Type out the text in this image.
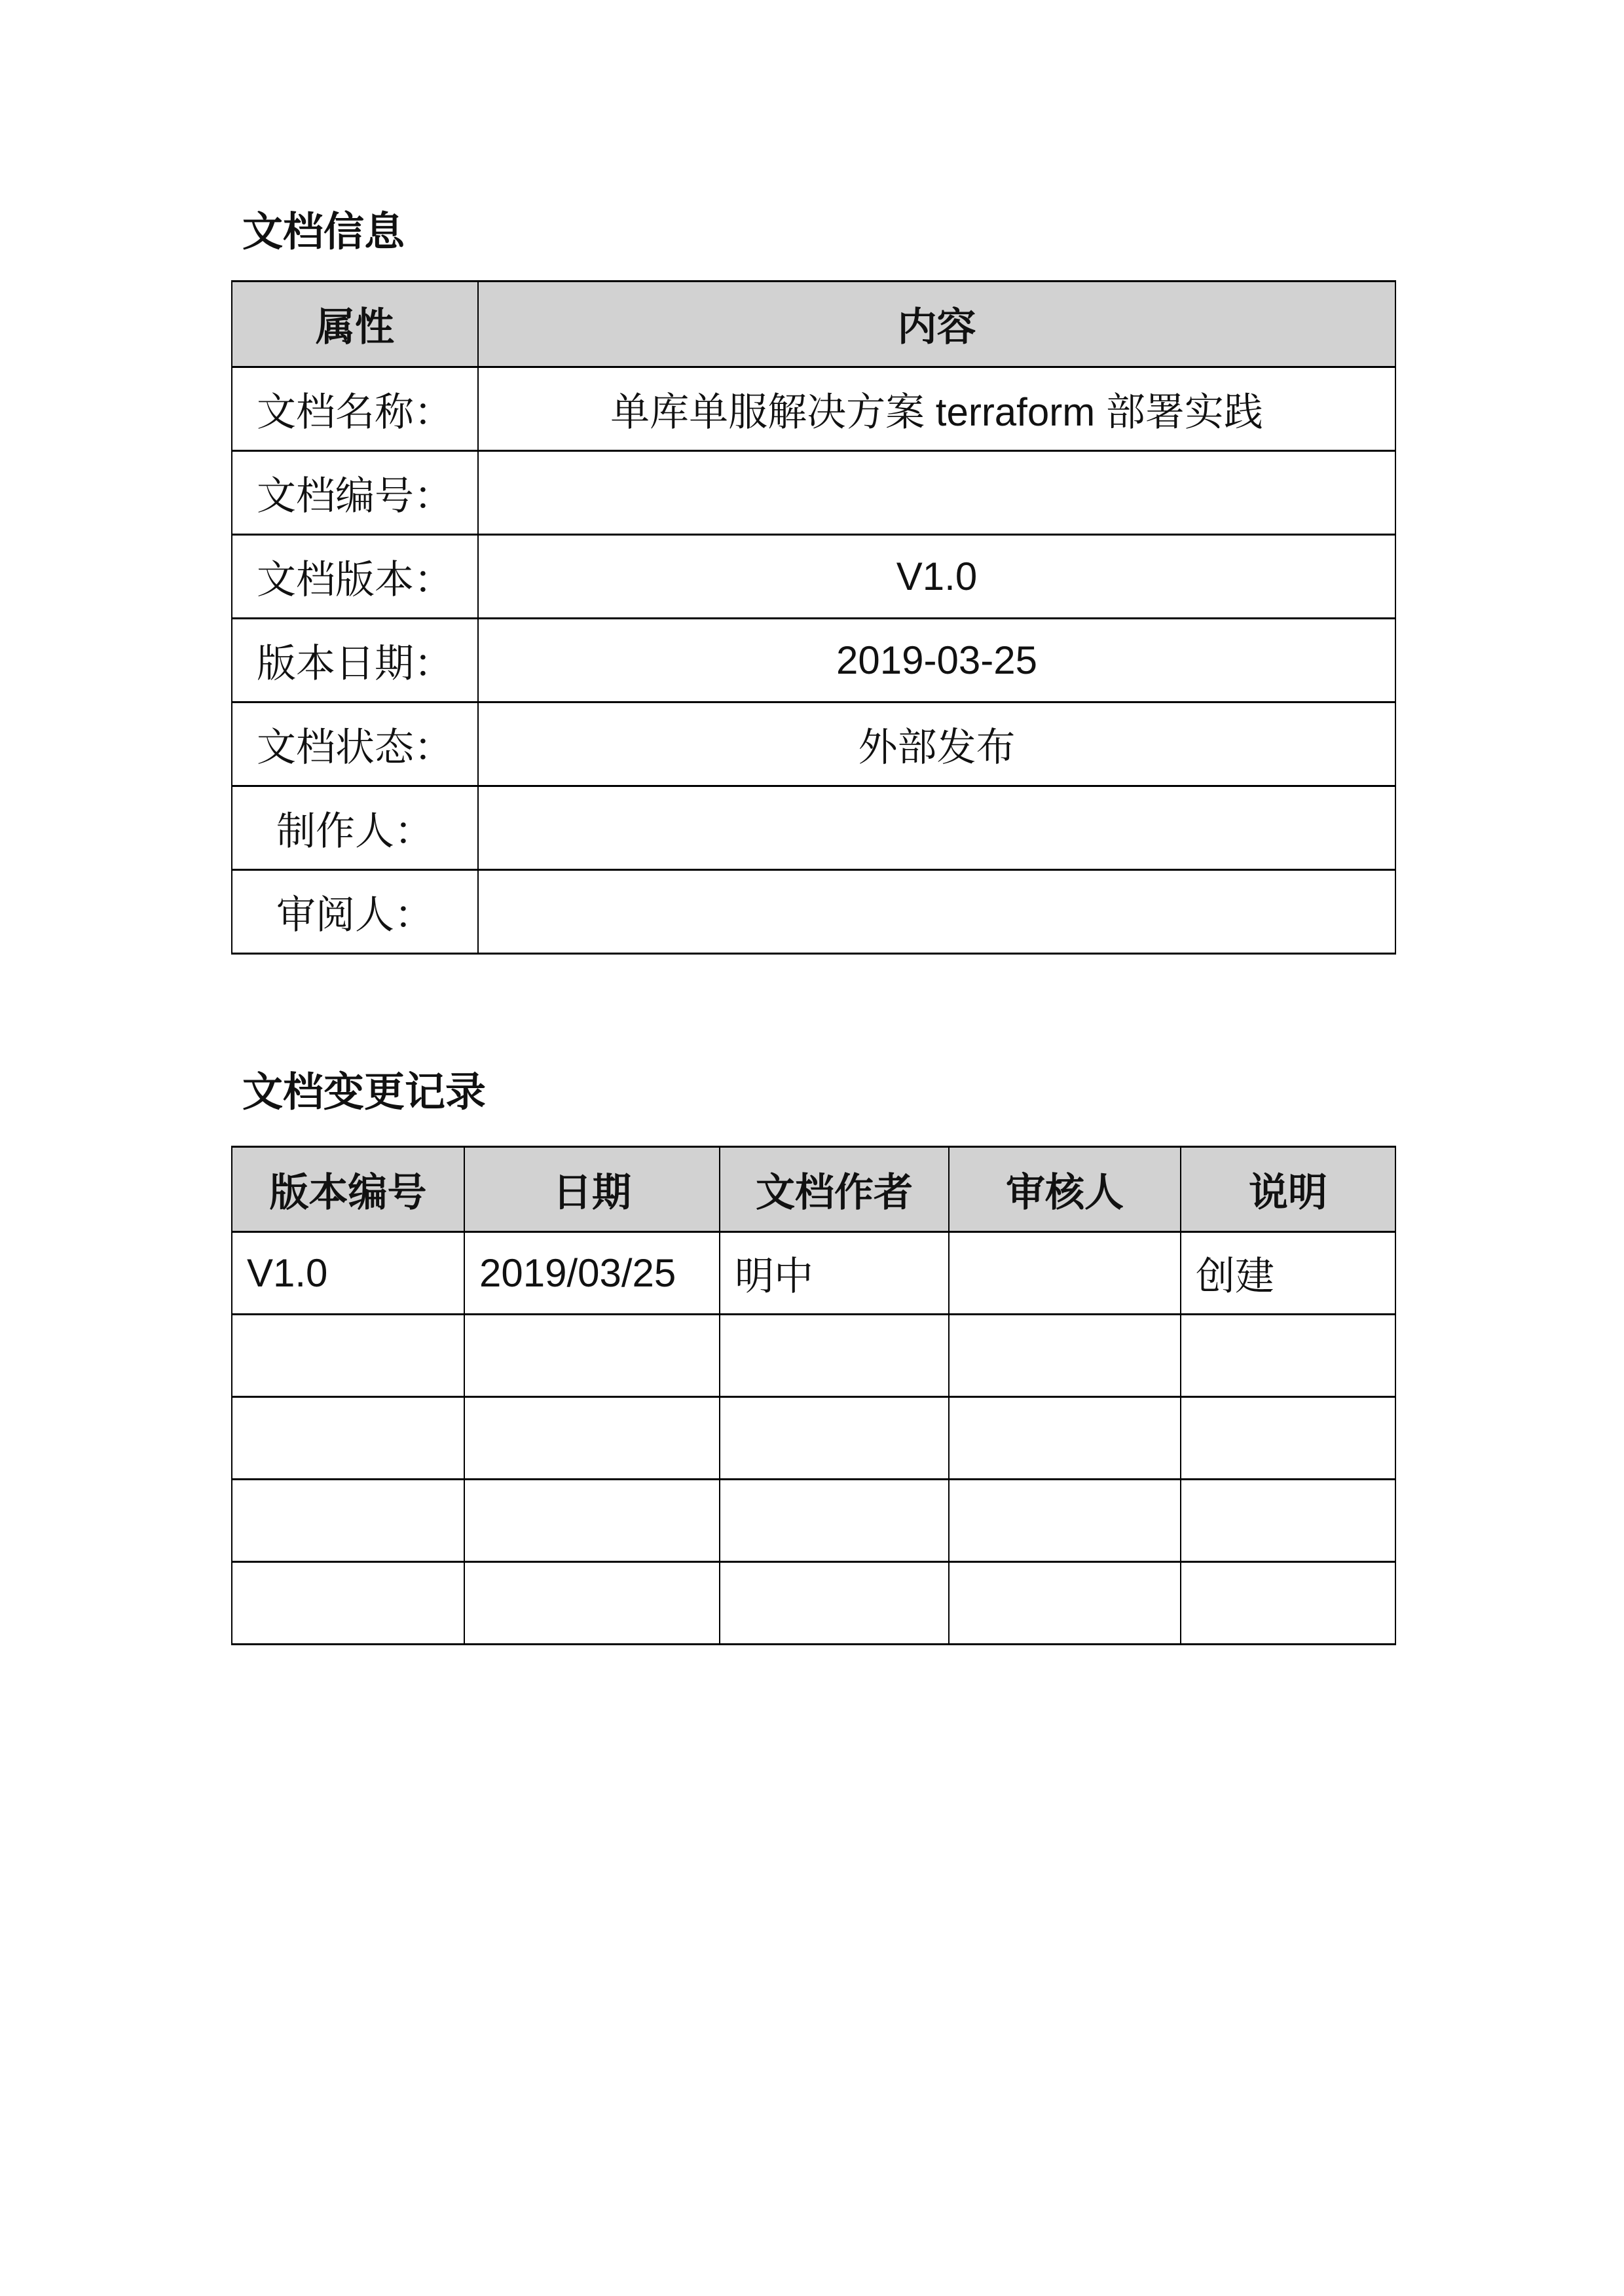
文档信息
属性	内容
文档名称：	单库单服解决方案 terraform 部署实践
文档编号：	
文档版本：	V1.0
版本日期：	2019-03-25
文档状态：	外部发布
制作人：	
审阅人：	
文档变更记录
版本编号	日期	文档作者	审核人	说明
V1.0	2019/03/25	明中		创建
